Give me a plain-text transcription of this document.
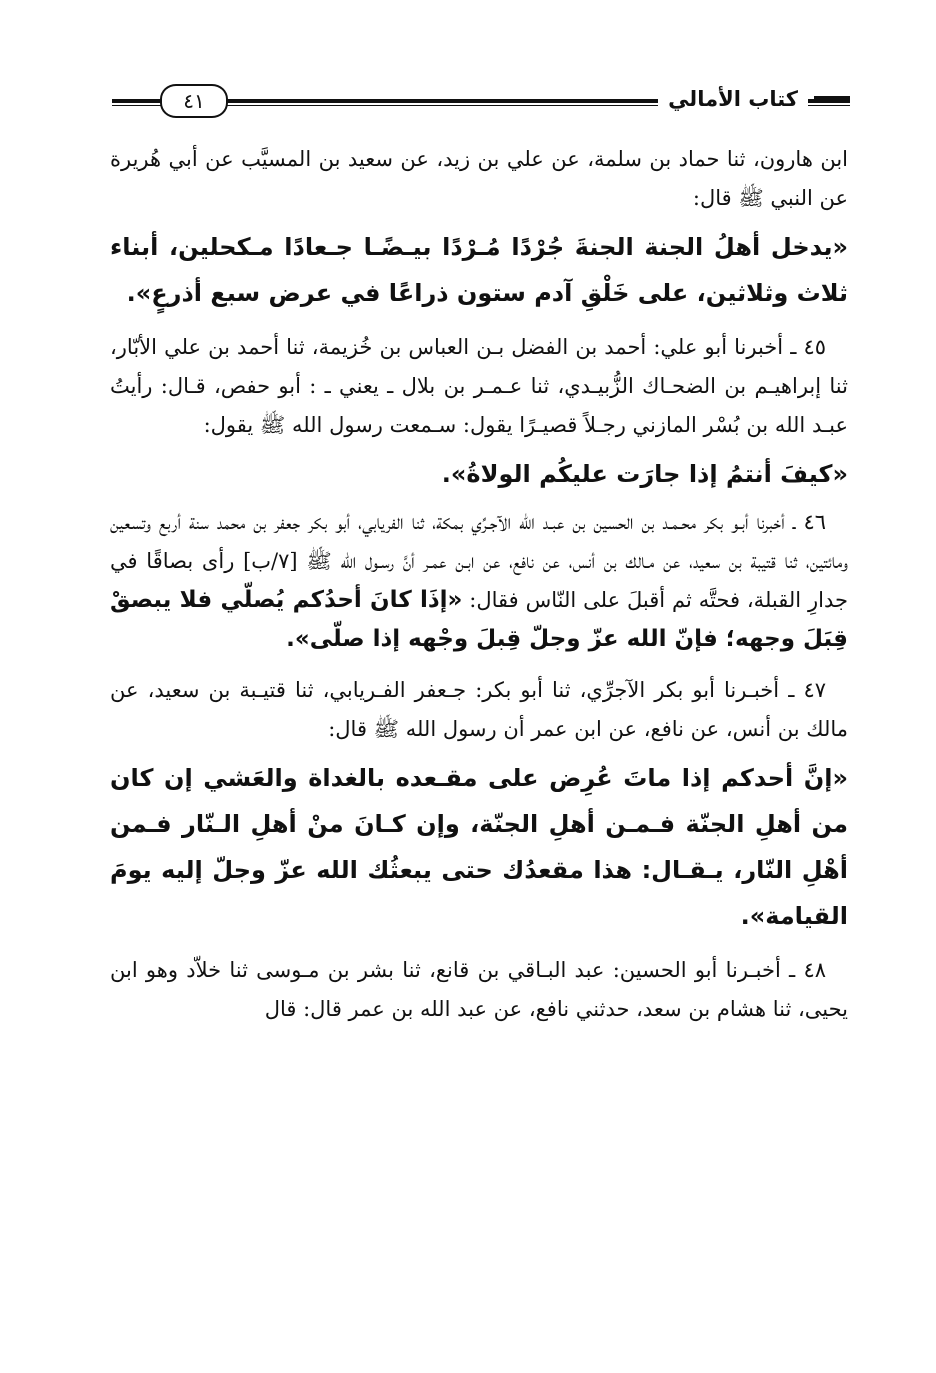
كتاب الأمالي
٤١

ابن هارون، ثنا حماد بن سلمة، عن علي بن زيد، عن سعيد بن المسيَّب عن أبي هُريرة عن النبي ﷺ قال:

«يدخل أهلُ الجنة الجنةَ جُرْدًا مُـرْدًا بيـضًـا جـعادًا مـكحلين، أبناء ثلاث وثلاثين، على خَلْقِ آدم ستون ذراعًا في عرض سبع أذرعٍ».

٤٥ ـ أخبرنا أبو علي: أحمد بن الفضل بـن العباس بن خُزيمة، ثنا أحمد بن علي الأبّار، ثنا إبراهيـم بن الضحـاك الزُّبيـدي، ثنا عـمـر بن بلال ـ يعني ـ : أبو حفص، قـال: رأيتُ عبـد الله بن بُسْر المازني رجـلاً قصيـرًا يقول: سـمعت رسول الله ﷺ يقول:

«كيفَ أنتمُ إذا جارَت عليكُم الولاةُ».

٤٦ ـ أخبرنا أبـو بكر محـمـد بن الحسين بن عبـد الله الآجـرِّي بمكة، ثنا الفريابي، أبو بكر جعفر بن محمد سنة أربع وتسعين ومائتين، ثنا قتيبة بن سعيد، عن مـالك بن أنس، عن نافع، عن ابـن عمـر أنَّ رسـول الله ﷺ [٧/ب] رأى بصاقًا في جدارِ القبلة، فحتَّه ثم أقبلَ على النّاس فقال: «إذَا كانَ أحدُكم يُصلّي فلا يبصقْ قِبَلَ وجهه؛ فإنّ الله عزّ وجلّ قِبلَ وجْهه إذا صلّى».

٤٧ ـ أخبـرنا أبو بكر الآجرِّي، ثنا أبو بكر: جـعفر الفـريابي، ثنا قتيـبة بن سعيد، عن مالك بن أنس، عن نافع، عن ابن عمر أن رسول الله ﷺ قال:

«إنَّ أحدكم إذا ماتَ عُرِض على مقـعده بالغداة والعَشي إن كان من أهلِ الجنّة فـمـن أهلِ الجنّة، وإن كـانَ منْ أهلِ الـنّار فـمن أهْلِ النّار، يـقـال: هذا مقعدُك حتى يبعثُك الله عزّ وجلّ إليه يومَ القيامة».

٤٨ ـ أخبـرنا أبو الحسين: عبد البـاقي بن قانع، ثنا بشر بن مـوسى ثنا خلاّد وهو ابن يحيى، ثنا هشام بن سعد، حدثني نافع، عن عبد الله بن عمر قال: قال
